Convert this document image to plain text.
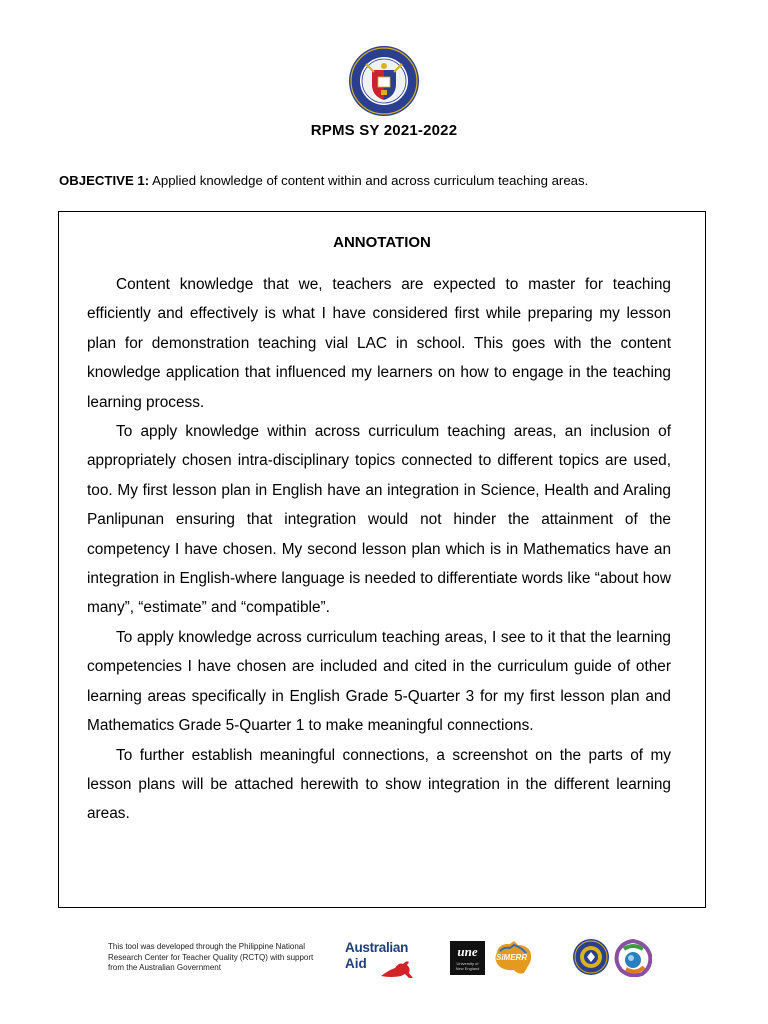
RPMS SY 2021-2022
OBJECTIVE 1: Applied knowledge of content within and across curriculum teaching areas.
ANNOTATION

Content knowledge that we, teachers are expected to master for teaching efficiently and effectively is what I have considered first while preparing my lesson plan for demonstration teaching vial LAC in school. This goes with the content knowledge application that influenced my learners on how to engage in the teaching learning process.

To apply knowledge within across curriculum teaching areas, an inclusion of appropriately chosen intra-disciplinary topics connected to different topics are used, too. My first lesson plan in English have an integration in Science, Health and Araling Panlipunan ensuring that integration would not hinder the attainment of the competency I have chosen. My second lesson plan which is in Mathematics have an integration in English-where language is needed to differentiate words like “about how many”, “estimate” and “compatible”.

To apply knowledge across curriculum teaching areas, I see to it that the learning competencies I have chosen are included and cited in the curriculum guide of other learning areas specifically in English Grade 5-Quarter 3 for my first lesson plan and Mathematics Grade 5-Quarter 1 to make meaningful connections.

To further establish meaningful connections, a screenshot on the parts of my lesson plans will be attached herewith to show integration in the different learning areas.

This tool was developed through the Philippine National Research Center for Teacher Quality (RCTQ) with support from the Australian Government
Australian
Aid
une
University of New England
SiMERR
